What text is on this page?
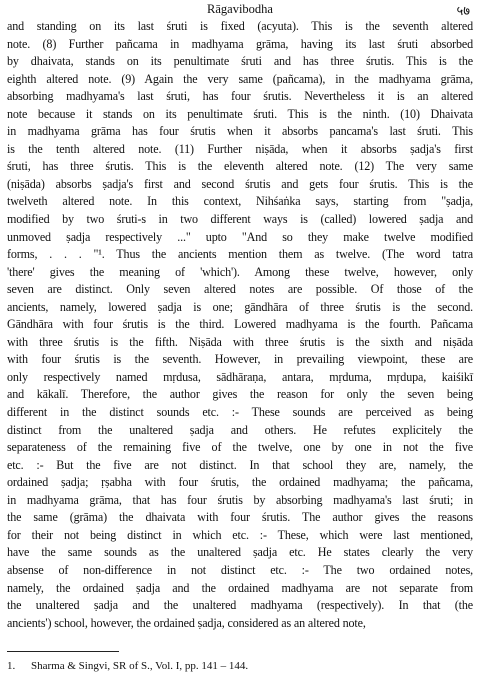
Rāgavibodha	५७
and standing on its last śruti is fixed (acyuta). This is the seventh altered
note. (8) Further pañcama in madhyama grāma, having its last śruti absorbed
by dhaivata, stands on its penultimate śruti and has three śrutis. This is the
eighth altered note. (9) Again the very same (pañcama), in the madhyama grāma,
absorbing madhyama's last śruti, has four śrutis. Nevertheless it is an altered
note because it stands on its penultimate śruti. This is the ninth. (10) Dhaivata
in madhyama grāma has four śrutis when it absorbs pancama's last śruti. This
is the tenth altered note. (11) Further niṣāda, when it absorbs ṣadja's first
śruti, has three śrutis. This is the eleventh altered note. (12) The very same
(niṣāda) absorbs ṣadja's first and second śrutis and gets four śrutis. This is the
twelveth altered note. In this context, Nihśaṅka says, starting from "ṣadja,
modified by two śruti-s in two different ways is (called) lowered ṣadja and
unmoved ṣadja respectively ..." upto "And so they make twelve modified
forms, . . . "¹. Thus the ancients mention them as twelve. (The word tatra
'there' gives the meaning of 'which'). Among these twelve, however, only
seven are distinct. Only seven altered notes are possible. Of those of the
ancients, namely, lowered ṣadja is one; gāndhāra of three śrutis is the second.
Gāndhāra with four śrutis is the third. Lowered madhyama is the fourth. Pañcama
with three śrutis is the fifth. Niṣāda with three śrutis is the sixth and niṣāda
with four śrutis is the seventh. However, in prevailing viewpoint, these are
only respectively named mṛdusa, sādhāraṇa, antara, mṛduma, mṛdupa, kaiśikī
and kākalī. Therefore, the author gives the reason for only the seven being
different in the distinct sounds etc. :- These sounds are perceived as being
distinct from the unaltered ṣadja and others. He refutes explicitely the
separateness of the remaining five of the twelve, one by one in not the five
etc. :- But the five are not distinct. In that school they are, namely, the
ordained ṣadja; ṛṣabha with four śrutis, the ordained madhyama; the pañcama,
in madhyama grāma, that has four śrutis by absorbing madhyama's last śruti; in
the same (grāma) the dhaivata with four śrutis. The author gives the reasons
for their not being distinct in which etc. :- These, which were last mentioned,
have the same sounds as the unaltered ṣadja etc. He states clearly the very
absense of non-difference in not distinct etc. :- The two ordained notes,
namely, the ordained ṣadja and the ordained madhyama are not separate from
the unaltered ṣadja and the unaltered madhyama (respectively). In that (the
ancients') school, however, the ordained ṣadja, considered as an altered note,
1. Sharma & Singvi, SR of S., Vol. I, pp. 141 – 144.
